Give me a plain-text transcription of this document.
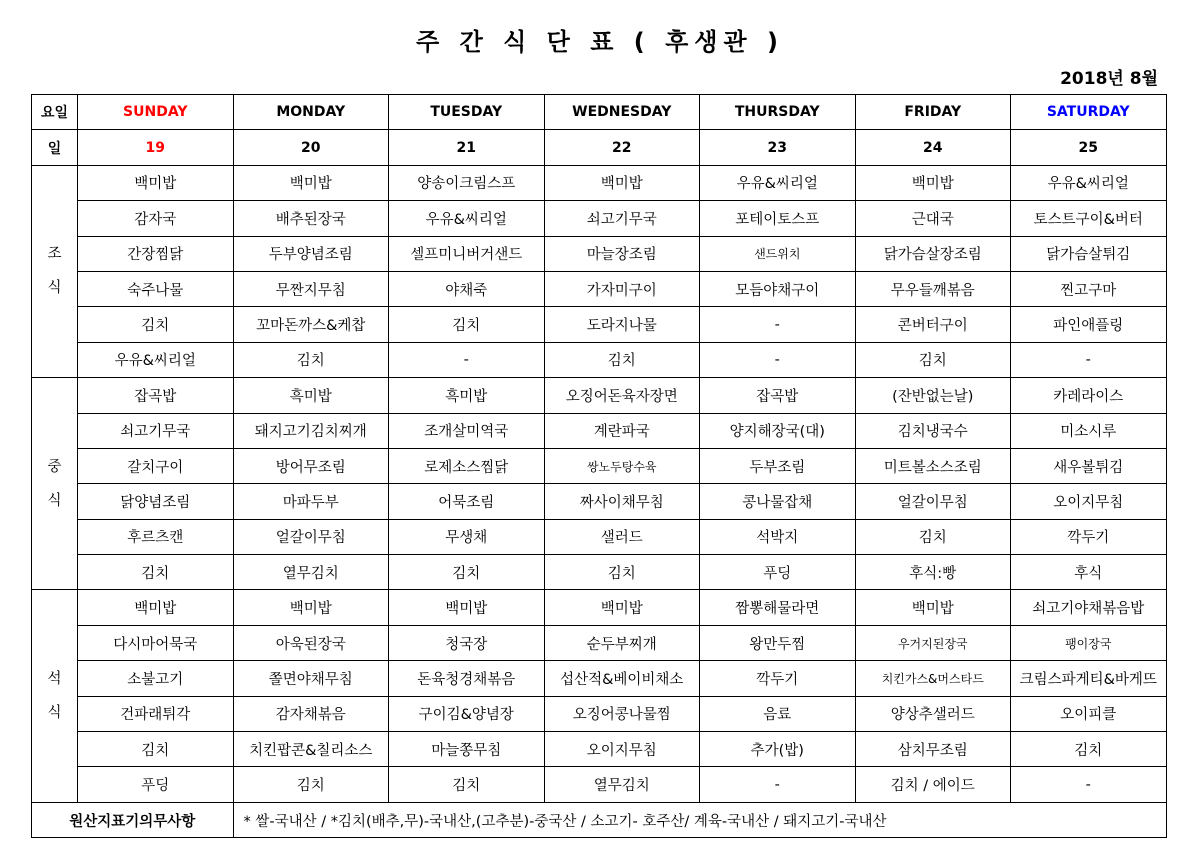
주 간 식 단 표 ( 후생관 )
2018년 8월
요일	SUNDAY	MONDAY	TUESDAY	WEDNESDAY	THURSDAY	FRIDAY	SATURDAY
일	19	20	21	22	23	24	25

조
식	백미밥	백미밥	양송이크림스프	백미밥	우유&씨리얼	백미밥	우유&씨리얼
	감자국	배추된장국	우유&씨리얼	쇠고기무국	포테이토스프	근대국	토스트구이&버터
	간장찜닭	두부양념조림	셀프미니버거샌드	마늘장조림	샌드위치	닭가슴살장조림	닭가슴살튀김
	숙주나물	무짠지무침	야채죽	가자미구이	모듬야채구이	무우들깨볶음	찐고구마
	김치	꼬마돈까스&케찹	김치	도라지나물	-	콘버터구이	파인애플링
	우유&씨리얼	김치	-	김치	-	김치	-

중
식	잡곡밥	흑미밥	흑미밥	오징어돈육자장면	잡곡밥	(잔반없는날)	카레라이스
	쇠고기무국	돼지고기김치찌개	조개살미역국	계란파국	양지해장국(대)	김치냉국수	미소시루
	갈치구이	방어무조림	로제소스찜닭	쌍노두탕수육	두부조림	미트볼소스조림	새우볼튀김
	닭양념조림	마파두부	어묵조림	짜사이채무침	콩나물잡채	얼갈이무침	오이지무침
	후르츠캔	얼갈이무침	무생채	샐러드	석박지	김치	깍두기
	김치	열무김치	김치	김치	푸딩	후식:빵	후식

석
식	백미밥	백미밥	백미밥	백미밥	짬뽕해물라면	백미밥	쇠고기야채볶음밥
	다시마어묵국	아욱된장국	청국장	순두부찌개	왕만두찜	우거지된장국	팽이장국
	소불고기	쫄면야채무침	돈육청경채볶음	섭산적&베이비채소	깍두기	치킨가스&머스타드	크림스파게티&바게뜨
	건파래튀각	감자채볶음	구이김&양념장	오징어콩나물찜	음료	양상추샐러드	오이피클
	김치	치킨팝콘&칠리소스	마늘쫑무침	오이지무침	추가(밥)	삼치무조림	김치
	푸딩	김치	김치	열무김치	-	김치 / 에이드	-
원산지표기의무사항		* 쌀-국내산 / *김치(배추,무)-국내산,(고추분)-중국산 / 소고기- 호주산/ 계육-국내산 / 돼지고기-국내산					
